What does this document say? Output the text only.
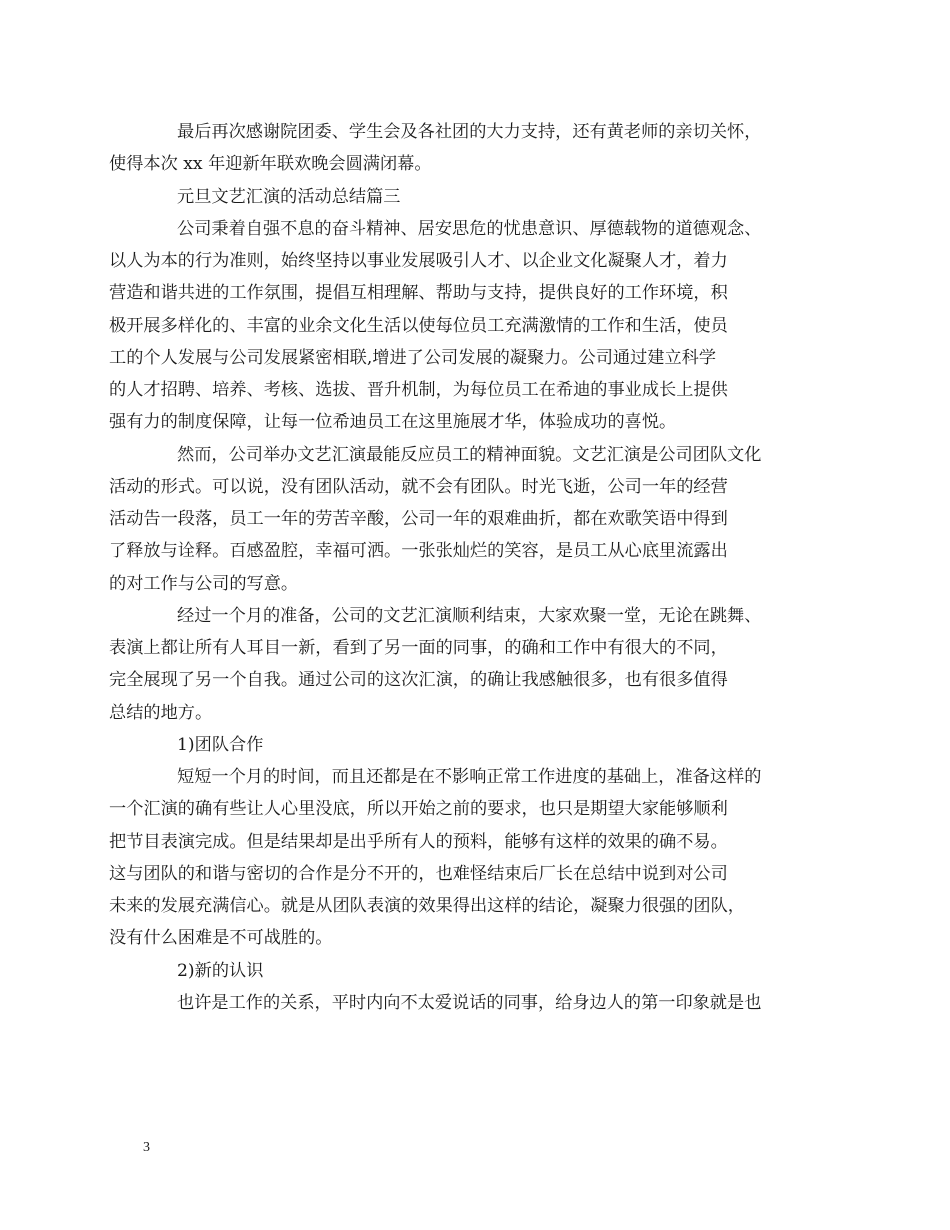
最后再次感谢院团委、学生会及各社团的大力支持，还有黄老师的亲切关怀，
使得本次 xx 年迎新年联欢晚会圆满闭幕。

元旦文艺汇演的活动总结篇三

公司秉着自强不息的奋斗精神、居安思危的忧患意识、厚德载物的道德观念、
以人为本的行为准则，始终坚持以事业发展吸引人才、以企业文化凝聚人才，着力
营造和谐共进的工作氛围，提倡互相理解、帮助与支持，提供良好的工作环境，积
极开展多样化的、丰富的业余文化生活以使每位员工充满激情的工作和生活，使员
工的个人发展与公司发展紧密相联,增进了公司发展的凝聚力。公司通过建立科学
的人才招聘、培养、考核、选拔、晋升机制，为每位员工在希迪的事业成长上提供
强有力的制度保障，让每一位希迪员工在这里施展才华，体验成功的喜悦。

然而，公司举办文艺汇演最能反应员工的精神面貌。文艺汇演是公司团队文化
活动的形式。可以说，没有团队活动，就不会有团队。时光飞逝，公司一年的经营
活动告一段落，员工一年的劳苦辛酸，公司一年的艰难曲折，都在欢歌笑语中得到
了释放与诠释。百感盈腔，幸福可洒。一张张灿烂的笑容，是员工从心底里流露出
的对工作与公司的写意。

经过一个月的准备，公司的文艺汇演顺利结束，大家欢聚一堂，无论在跳舞、
表演上都让所有人耳目一新，看到了另一面的同事，的确和工作中有很大的不同，
完全展现了另一个自我。通过公司的这次汇演，的确让我感触很多，也有很多值得
总结的地方。

1)团队合作

短短一个月的时间，而且还都是在不影响正常工作进度的基础上，准备这样的
一个汇演的确有些让人心里没底，所以开始之前的要求，也只是期望大家能够顺利
把节目表演完成。但是结果却是出乎所有人的预料，能够有这样的效果的确不易。
这与团队的和谐与密切的合作是分不开的，也难怪结束后厂长在总结中说到对公司
未来的发展充满信心。就是从团队表演的效果得出这样的结论，凝聚力很强的团队，
没有什么困难是不可战胜的。

2)新的认识

也许是工作的关系，平时内向不太爱说话的同事，给身边人的第一印象就是也

3
